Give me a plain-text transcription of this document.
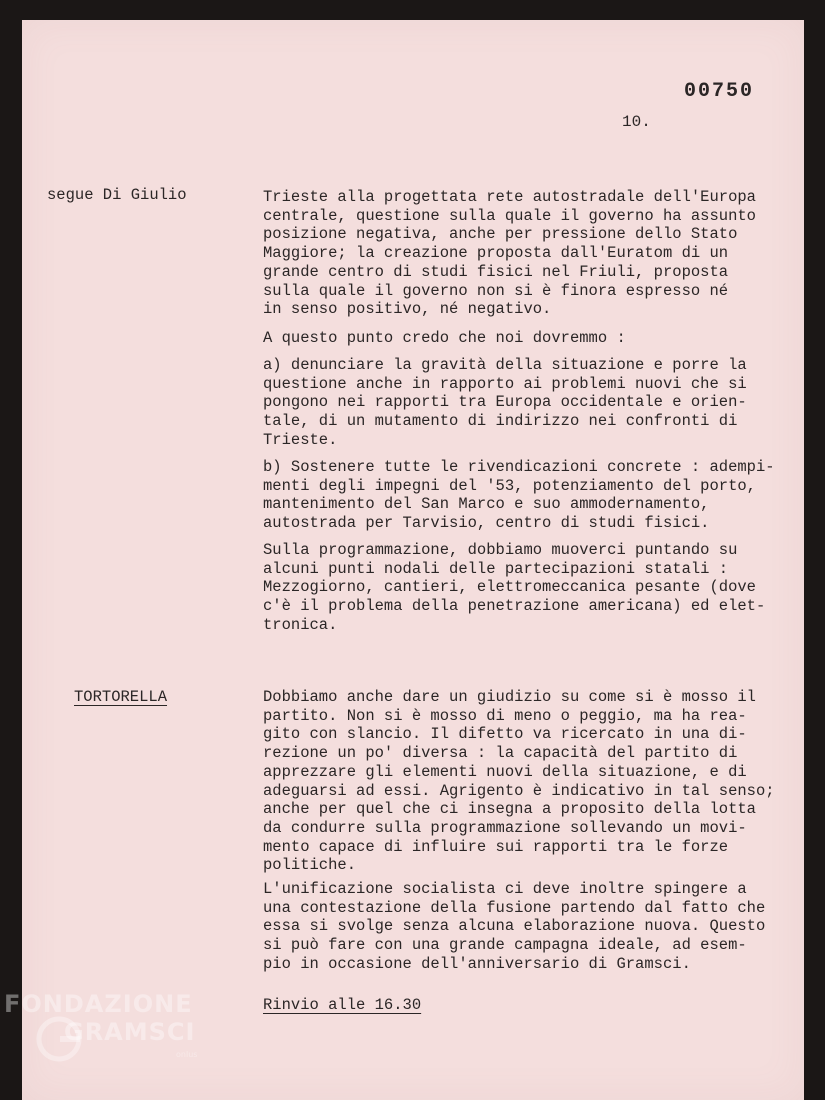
00750
10.
segue Di Giulio	Trieste alla progettata rete autostradale dell'Europa
centrale, questione sulla quale il governo ha assunto
posizione negativa, anche per pressione dello Stato
Maggiore; la creazione proposta dall'Euratom di un
grande centro di studi fisici nel Friuli, proposta
sulla quale il governo non si è finora espresso né
in senso positivo, né negativo.

A questo punto credo che noi dovremmo :

a) denunciare la gravità della situazione e porre la
questione anche in rapporto ai problemi nuovi che si
pongono nei rapporti tra Europa occidentale e orien-
tale, di un mutamento di indirizzo nei confronti di
Trieste.

b) Sostenere tutte le rivendicazioni concrete : adempi-
menti degli impegni del '53, potenziamento del porto,
mantenimento del San Marco e suo ammodernamento,
autostrada per Tarvisio, centro di studi fisici.

Sulla programmazione, dobbiamo muoverci puntando su
alcuni punti nodali delle partecipazioni statali :
Mezzogiorno, cantieri, elettromeccanica pesante (dove
c'è il problema della penetrazione americana) ed elet-
tronica.

TORTORELLA	Dobbiamo anche dare un giudizio su come si è mosso il
partito. Non si è mosso di meno o peggio, ma ha rea-
gito con slancio. Il difetto va ricercato in una di-
rezione un po' diversa : la capacità del partito di
apprezzare gli elementi nuovi della situazione, e di
adeguarsi ad essi. Agrigento è indicativo in tal senso;
anche per quel che ci insegna a proposito della lotta
da condurre sulla programmazione sollevando un movi-
mento capace di influire sui rapporti tra le forze
politiche.

L'unificazione socialista ci deve inoltre spingere a
una contestazione della fusione partendo dal fatto che
essa si svolge senza alcuna elaborazione nuova. Questo
si può fare con una grande campagna ideale, ad esem-
pio in occasione dell'anniversario di Gramsci.

Rinvio alle 16.30
FONDAZIONE
GRAMSCI
onlus
